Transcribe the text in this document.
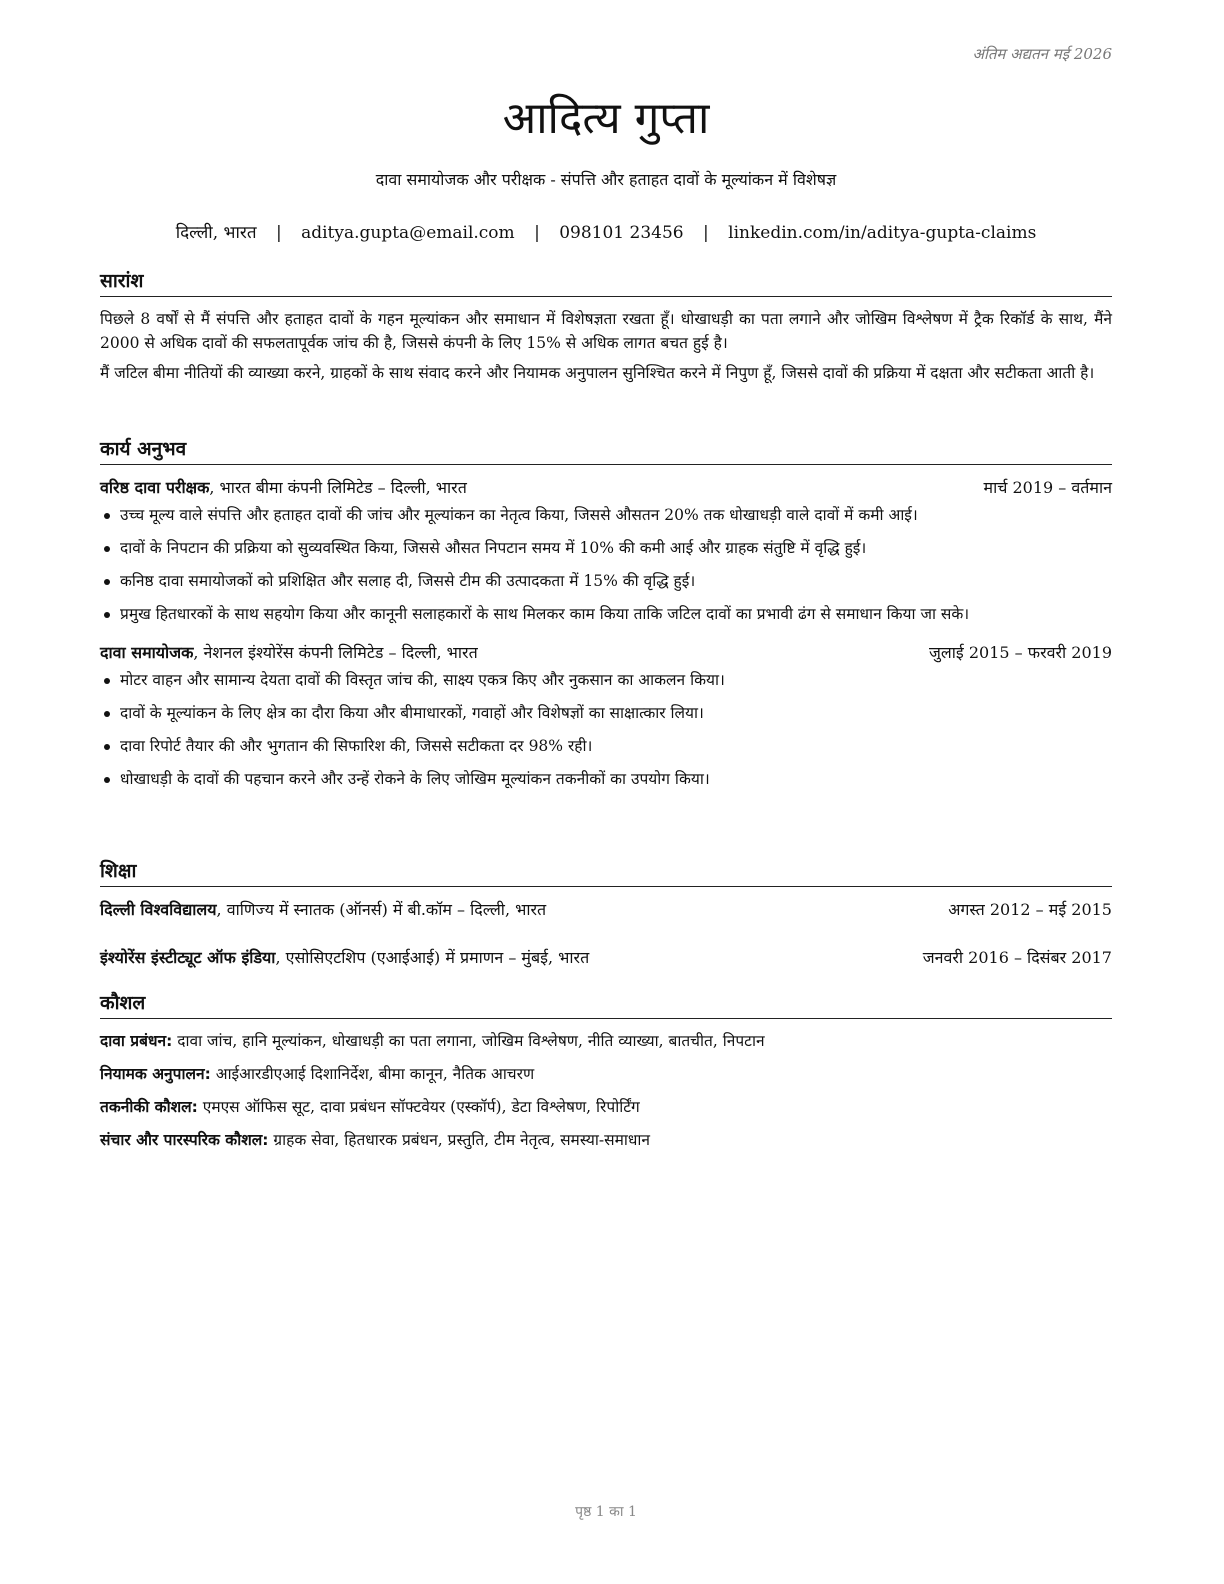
अंतिम अद्यतन मई 2026
आदित्य गुप्ता
दावा समायोजक और परीक्षक - संपत्ति और हताहत दावों के मूल्यांकन में विशेषज्ञ
दिल्ली, भारत | aditya.gupta@email.com | 098101 23456 | linkedin.com/in/aditya-gupta-claims
सारांश

पिछले 8 वर्षों से मैं संपत्ति और हताहत दावों के गहन मूल्यांकन और समाधान में विशेषज्ञता रखता हूँ। धोखाधड़ी का पता लगाने और जोखिम विश्लेषण में ट्रैक रिकॉर्ड के साथ, मैंने 2000 से अधिक दावों की सफलतापूर्वक जांच की है, जिससे कंपनी के लिए 15% से अधिक लागत बचत हुई है।

मैं जटिल बीमा नीतियों की व्याख्या करने, ग्राहकों के साथ संवाद करने और नियामक अनुपालन सुनिश्चित करने में निपुण हूँ, जिससे दावों की प्रक्रिया में दक्षता और सटीकता आती है।

कार्य अनुभव
वरिष्ठ दावा परीक्षक, भारत बीमा कंपनी लिमिटेड – दिल्ली, भारत	मार्च 2019 – वर्तमान
उच्च मूल्य वाले संपत्ति और हताहत दावों की जांच और मूल्यांकन का नेतृत्व किया, जिससे औसतन 20% तक धोखाधड़ी वाले दावों में कमी आई।
दावों के निपटान की प्रक्रिया को सुव्यवस्थित किया, जिससे औसत निपटान समय में 10% की कमी आई और ग्राहक संतुष्टि में वृद्धि हुई।
कनिष्ठ दावा समायोजकों को प्रशिक्षित और सलाह दी, जिससे टीम की उत्पादकता में 15% की वृद्धि हुई।
प्रमुख हितधारकों के साथ सहयोग किया और कानूनी सलाहकारों के साथ मिलकर काम किया ताकि जटिल दावों का प्रभावी ढंग से समाधान किया जा सके।
दावा समायोजक, नेशनल इंश्योरेंस कंपनी लिमिटेड – दिल्ली, भारत	जुलाई 2015 – फरवरी 2019
मोटर वाहन और सामान्य देयता दावों की विस्तृत जांच की, साक्ष्य एकत्र किए और नुकसान का आकलन किया।
दावों के मूल्यांकन के लिए क्षेत्र का दौरा किया और बीमाधारकों, गवाहों और विशेषज्ञों का साक्षात्कार लिया।
दावा रिपोर्ट तैयार की और भुगतान की सिफारिश की, जिससे सटीकता दर 98% रही।
धोखाधड़ी के दावों की पहचान करने और उन्हें रोकने के लिए जोखिम मूल्यांकन तकनीकों का उपयोग किया।
शिक्षा
दिल्ली विश्वविद्यालय, वाणिज्य में स्नातक (ऑनर्स) में बी.कॉम – दिल्ली, भारत	अगस्त 2012 – मई 2015
इंश्योरेंस इंस्टीट्यूट ऑफ इंडिया, एसोसिएटशिप (एआईआई) में प्रमाणन – मुंबई, भारत	जनवरी 2016 – दिसंबर 2017
कौशल
दावा प्रबंधन: दावा जांच, हानि मूल्यांकन, धोखाधड़ी का पता लगाना, जोखिम विश्लेषण, नीति व्याख्या, बातचीत, निपटान
नियामक अनुपालन: आईआरडीएआई दिशानिर्देश, बीमा कानून, नैतिक आचरण
तकनीकी कौशल: एमएस ऑफिस सूट, दावा प्रबंधन सॉफ्टवेयर (एस्कॉर्प), डेटा विश्लेषण, रिपोर्टिंग
संचार और पारस्परिक कौशल: ग्राहक सेवा, हितधारक प्रबंधन, प्रस्तुति, टीम नेतृत्व, समस्या-समाधान
पृष्ठ 1 का 1
